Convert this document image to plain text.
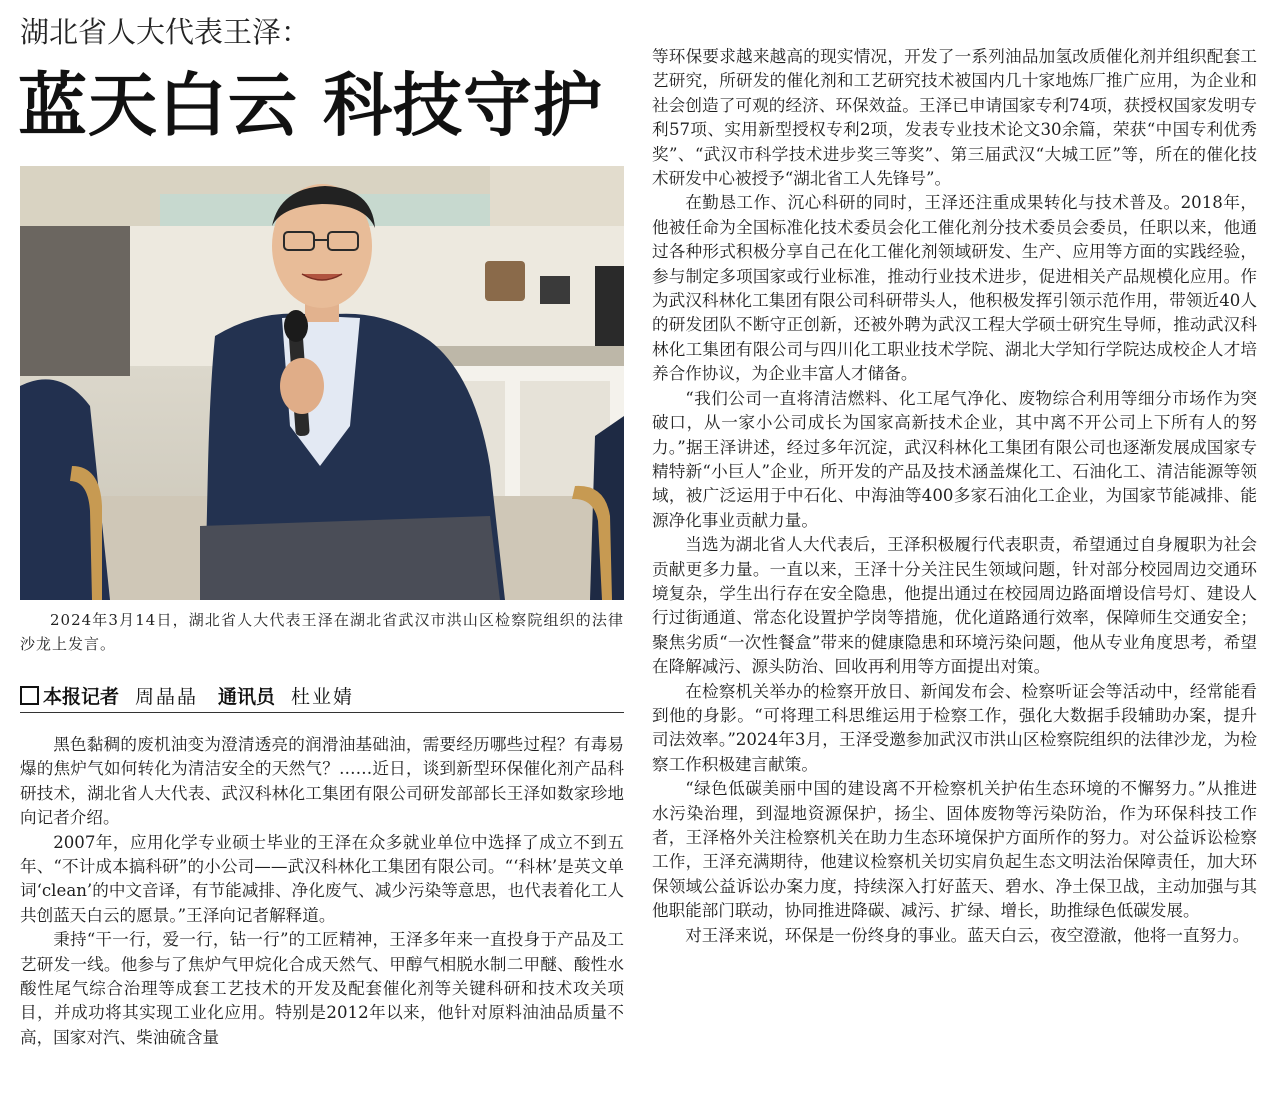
湖北省人大代表王泽：
蓝天白云 科技守护
2024年3月14日，湖北省人大代表王泽在湖北省武汉市洪山区检察院组织的法律沙龙上发言。
本报记者 周晶晶 通讯员 杜业婧

黑色黏稠的废机油变为澄清透亮的润滑油基础油，需要经历哪些过程？有毒易爆的焦炉气如何转化为清洁安全的天然气？……近日，谈到新型环保催化剂产品科研技术，湖北省人大代表、武汉科林化工集团有限公司研发部部长王泽如数家珍地向记者介绍。

2007年，应用化学专业硕士毕业的王泽在众多就业单位中选择了成立不到五年、“不计成本搞科研”的小公司——武汉科林化工集团有限公司。“‘科林’是英文单词‘clean’的中文音译，有节能减排、净化废气、减少污染等意思，也代表着化工人共创蓝天白云的愿景。”王泽向记者解释道。

秉持“干一行，爱一行，钻一行”的工匠精神，王泽多年来一直投身于产品及工艺研发一线。他参与了焦炉气甲烷化合成天然气、甲醇气相脱水制二甲醚、酸性水酸性尾气综合治理等成套工艺技术的开发及配套催化剂等关键科研和技术攻关项目，并成功将其实现工业化应用。特别是2012年以来，他针对原料油油品质量不高，国家对汽、柴油硫含量

等环保要求越来越高的现实情况，开发了一系列油品加氢改质催化剂并组织配套工艺研究，所研发的催化剂和工艺研究技术被国内几十家地炼厂推广应用，为企业和社会创造了可观的经济、环保效益。王泽已申请国家专利74项，获授权国家发明专利57项、实用新型授权专利2项，发表专业技术论文30余篇，荣获“中国专利优秀奖”、“武汉市科学技术进步奖三等奖”、第三届武汉“大城工匠”等，所在的催化技术研发中心被授予“湖北省工人先锋号”。

在勤恳工作、沉心科研的同时，王泽还注重成果转化与技术普及。2018年，他被任命为全国标准化技术委员会化工催化剂分技术委员会委员，任职以来，他通过各种形式积极分享自己在化工催化剂领域研发、生产、应用等方面的实践经验，参与制定多项国家或行业标准，推动行业技术进步，促进相关产品规模化应用。作为武汉科林化工集团有限公司科研带头人，他积极发挥引领示范作用，带领近40人的研发团队不断守正创新，还被外聘为武汉工程大学硕士研究生导师，推动武汉科林化工集团有限公司与四川化工职业技术学院、湖北大学知行学院达成校企人才培养合作协议，为企业丰富人才储备。

“我们公司一直将清洁燃料、化工尾气净化、废物综合利用等细分市场作为突破口，从一家小公司成长为国家高新技术企业，其中离不开公司上下所有人的努力。”据王泽讲述，经过多年沉淀，武汉科林化工集团有限公司也逐渐发展成国家专精特新“小巨人”企业，所开发的产品及技术涵盖煤化工、石油化工、清洁能源等领域，被广泛运用于中石化、中海油等400多家石油化工企业，为国家节能减排、能源净化事业贡献力量。

当选为湖北省人大代表后，王泽积极履行代表职责，希望通过自身履职为社会贡献更多力量。一直以来，王泽十分关注民生领域问题，针对部分校园周边交通环境复杂，学生出行存在安全隐患，他提出通过在校园周边路面增设信号灯、建设人行过街通道、常态化设置护学岗等措施，优化道路通行效率，保障师生交通安全；聚焦劣质“一次性餐盒”带来的健康隐患和环境污染问题，他从专业角度思考，希望在降解减污、源头防治、回收再利用等方面提出对策。

在检察机关举办的检察开放日、新闻发布会、检察听证会等活动中，经常能看到他的身影。“可将理工科思维运用于检察工作，强化大数据手段辅助办案，提升司法效率。”2024年3月，王泽受邀参加武汉市洪山区检察院组织的法律沙龙，为检察工作积极建言献策。

“绿色低碳美丽中国的建设离不开检察机关护佑生态环境的不懈努力。”从推进水污染治理，到湿地资源保护，扬尘、固体废物等污染防治，作为环保科技工作者，王泽格外关注检察机关在助力生态环境保护方面所作的努力。对公益诉讼检察工作，王泽充满期待，他建议检察机关切实肩负起生态文明法治保障责任，加大环保领域公益诉讼办案力度，持续深入打好蓝天、碧水、净土保卫战，主动加强与其他职能部门联动，协同推进降碳、减污、扩绿、增长，助推绿色低碳发展。

对王泽来说，环保是一份终身的事业。蓝天白云，夜空澄澈，他将一直努力。
